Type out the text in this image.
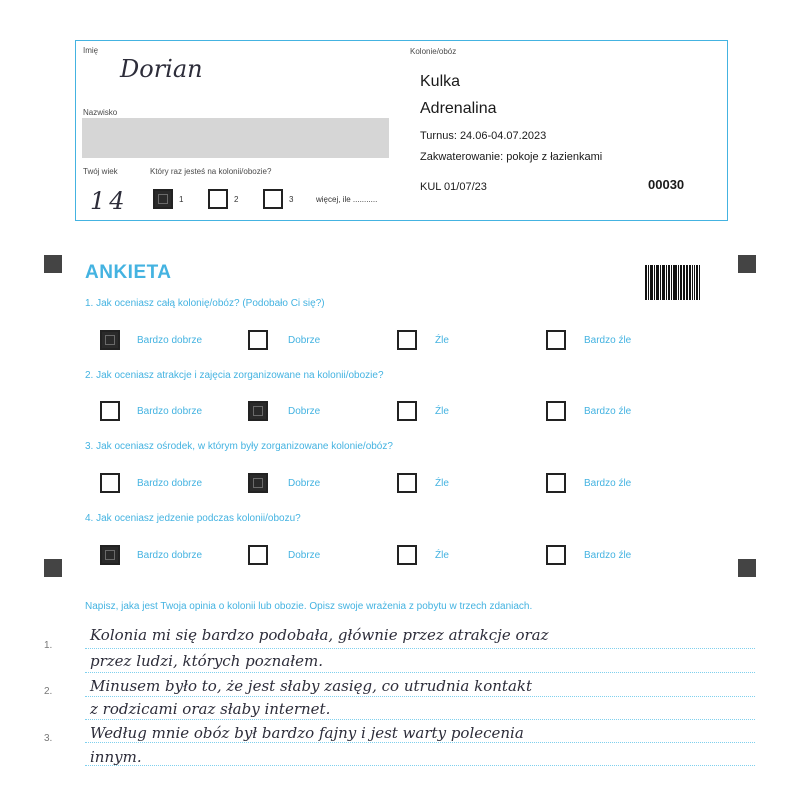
Imię
Dorian
Nazwisko
Twój wiek
14
Który raz jesteś na kolonii/obozie?
1	2	3	więcej, ile ...........
Kolonie/obóz
Kulka
Adrenalina
Turnus: 24.06-04.07.2023
Zakwaterowanie: pokoje z łazienkami
KUL 01/07/23	00030
ANKIETA
1. Jak oceniasz całą kolonię/obóz? (Podobało Ci się?)
Bardzo dobrze	Dobrze	Źle	Bardzo źle
2. Jak oceniasz atrakcje i zajęcia zorganizowane na kolonii/obozie?
Bardzo dobrze	Dobrze	Źle	Bardzo źle
3. Jak oceniasz ośrodek, w którym były zorganizowane kolonie/obóz?
Bardzo dobrze	Dobrze	Źle	Bardzo źle
4. Jak oceniasz jedzenie podczas kolonii/obozu?
Bardzo dobrze	Dobrze	Źle	Bardzo źle
Napisz, jaka jest Twoja opinia o kolonii lub obozie. Opisz swoje wrażenia z pobytu w trzech zdaniach.
1.
2.
3.
Kolonia mi się bardzo podobała, głównie przez atrakcje oraz
przez ludzi, których poznałem.
Minusem było to, że jest słaby zasięg, co utrudnia kontakt
z rodzicami oraz słaby internet.
Według mnie obóz był bardzo fajny i jest warty polecenia
innym.
